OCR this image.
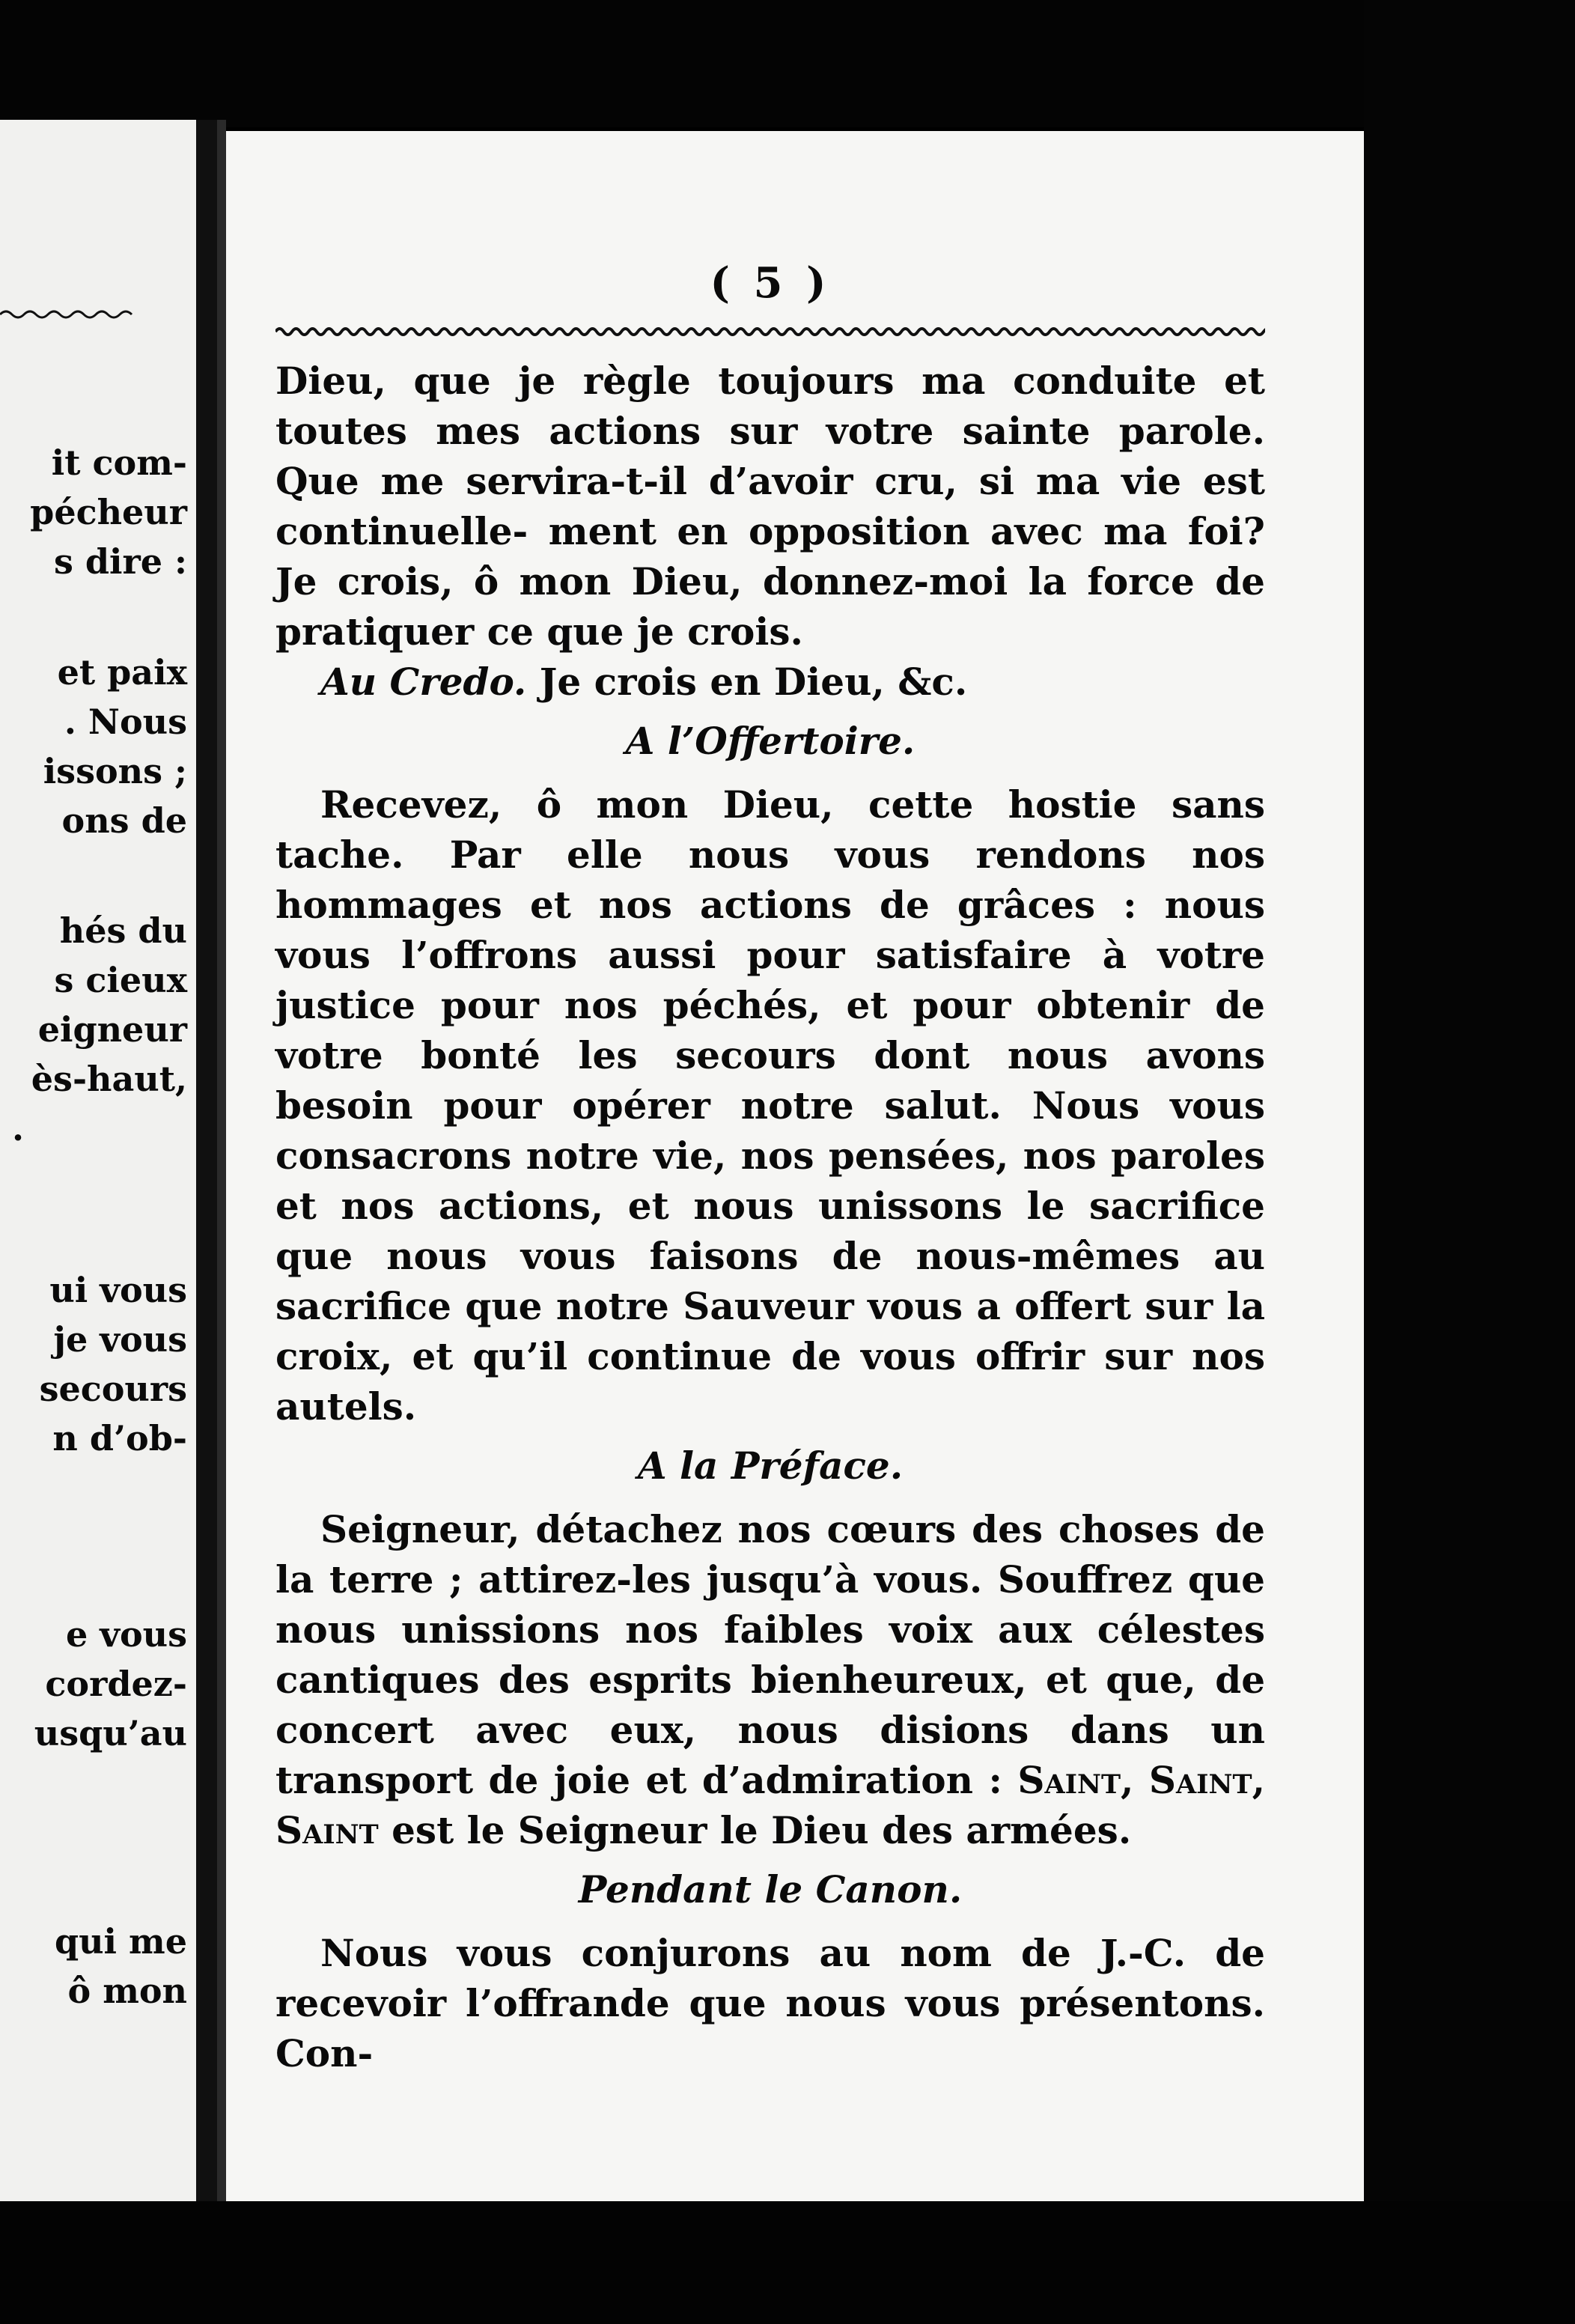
it com-
pécheur
s dire :
et paix
. Nous
issons ;
ons de
hés du
s cieux
eigneur
ès-haut,
.
ui vous
je vous
secours
n d’ob-
e vous
cordez-
usqu’au
qui me
ô mon
( 5 )

Dieu, que je règle toujours ma conduite et toutes mes actions sur votre sainte parole. Que me servira-t-il d’avoir cru, si ma vie est continuelle- ment en opposition avec ma foi? Je crois, ô mon Dieu, donnez-moi la force de pratiquer ce que je crois.

Au Credo. Je crois en Dieu, &c.

A l’Offertoire.

Recevez, ô mon Dieu, cette hostie sans tache. Par elle nous vous rendons nos hommages et nos actions de grâces : nous vous l’offrons aussi pour satisfaire à votre justice pour nos péchés, et pour obtenir de votre bonté les secours dont nous avons besoin pour opérer notre salut. Nous vous consacrons notre vie, nos pensées, nos paroles et nos actions, et nous unissons le sacrifice que nous vous faisons de nous-mêmes au sacrifice que notre Sauveur vous a offert sur la croix, et qu’il continue de vous offrir sur nos autels.

A la Préface.

Seigneur, détachez nos cœurs des choses de la terre ; attirez-les jusqu’à vous. Souffrez que nous unissions nos faibles voix aux célestes cantiques des esprits bienheureux, et que, de concert avec eux, nous disions dans un transport de joie et d’admiration : Saint, Saint, Saint est le Seigneur le Dieu des armées.

Pendant le Canon.

Nous vous conjurons au nom de J.-C. de recevoir l’offrande que nous vous présentons. Con-
